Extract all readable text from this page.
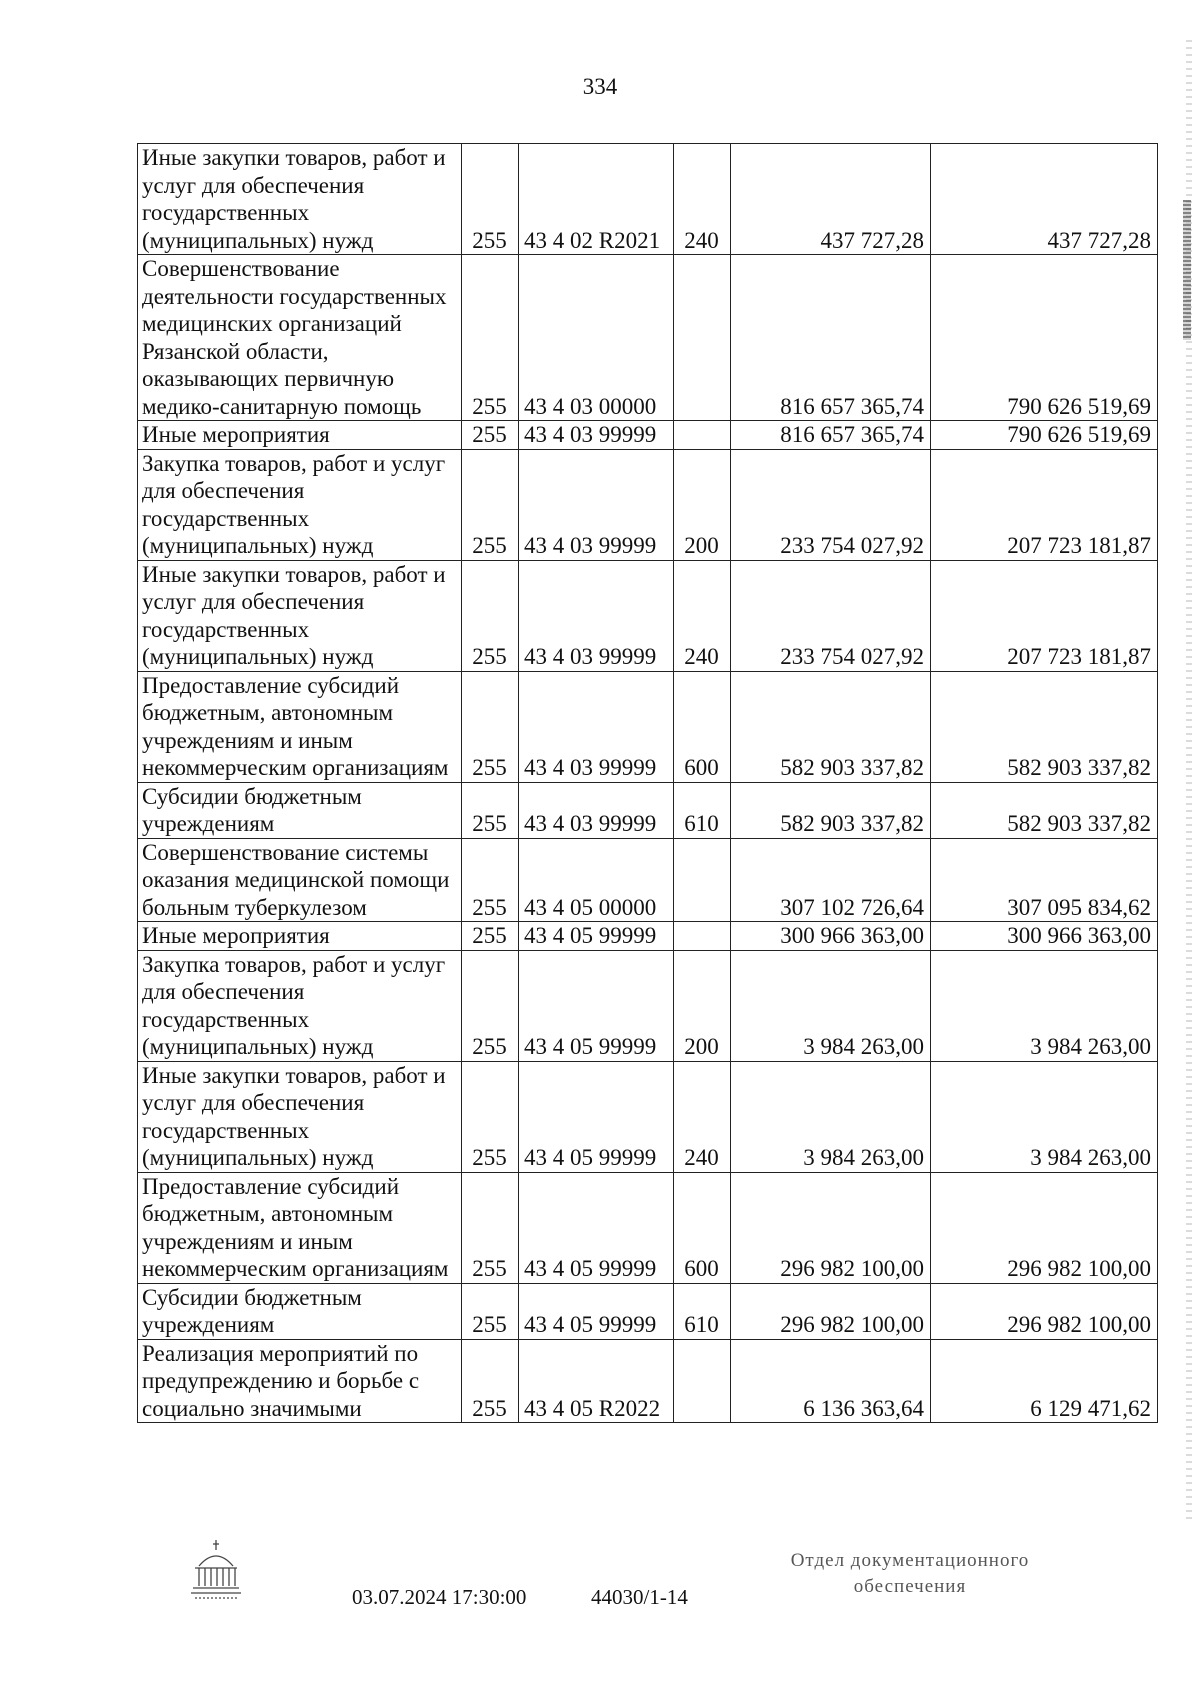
334
Иные закупки товаров, работ и услуг для обеспечения государственных (муниципальных) нужд	255	43 4 02 R2021	240	437 727,28	437 727,28
Совершенствование деятельности государственных медицинских организаций Рязанской области, оказывающих первичную медико-санитарную помощь	255	43 4 03 00000		816 657 365,74	790 626 519,69
Иные мероприятия	255	43 4 03 99999		816 657 365,74	790 626 519,69
Закупка товаров, работ и услуг для обеспечения государственных (муниципальных) нужд	255	43 4 03 99999	200	233 754 027,92	207 723 181,87
Иные закупки товаров, работ и услуг для обеспечения государственных (муниципальных) нужд	255	43 4 03 99999	240	233 754 027,92	207 723 181,87
Предоставление субсидий бюджетным, автономным учреждениям и иным некоммерческим организациям	255	43 4 03 99999	600	582 903 337,82	582 903 337,82
Субсидии бюджетным учреждениям	255	43 4 03 99999	610	582 903 337,82	582 903 337,82
Совершенствование системы оказания медицинской помощи больным туберкулезом	255	43 4 05 00000		307 102 726,64	307 095 834,62
Иные мероприятия	255	43 4 05 99999		300 966 363,00	300 966 363,00
Закупка товаров, работ и услуг для обеспечения государственных (муниципальных) нужд	255	43 4 05 99999	200	3 984 263,00	3 984 263,00
Иные закупки товаров, работ и услуг для обеспечения государственных (муниципальных) нужд	255	43 4 05 99999	240	3 984 263,00	3 984 263,00
Предоставление субсидий бюджетным, автономным учреждениям и иным некоммерческим организациям	255	43 4 05 99999	600	296 982 100,00	296 982 100,00
Субсидии бюджетным учреждениям	255	43 4 05 99999	610	296 982 100,00	296 982 100,00
Реализация мероприятий по предупреждению и борьбе с социально значимыми	255	43 4 05 R2022		6 136 363,64	6 129 471,62
03.07.2024 17:30:00	44030/1-14
Отдел документационного
обеспечения
